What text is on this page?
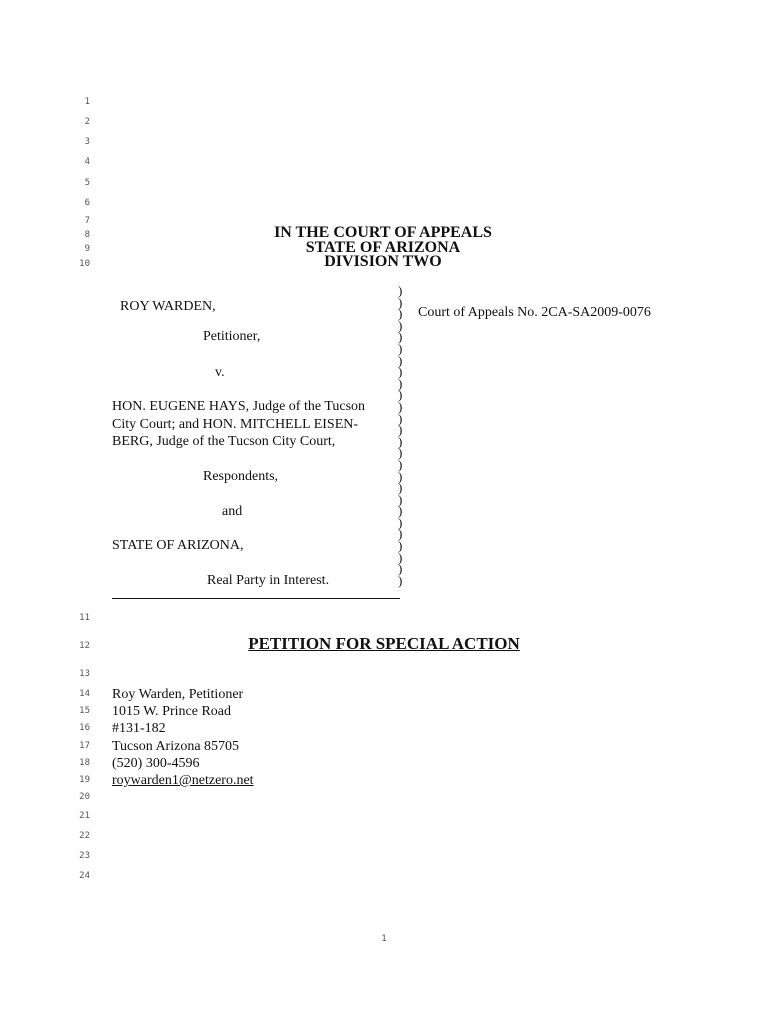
1
2
3
4
5
6
7
8
9
10
11
12
13
14
15
16
17
18
19
20
21
22
23
24
IN THE COURT OF APPEALS
STATE OF ARIZONA
DIVISION TWO
ROY WARDEN,
Petitioner,
v.
HON. EUGENE HAYS, Judge of the Tucson
City Court; and HON. MITCHELL EISEN-
BERG, Judge of the Tucson City Court,
Respondents,
and
STATE OF ARIZONA,
Real Party in Interest.
)
)
)
)
)
)
)
)
)
)
)
)
)
)
)
)
)
)
)
)
)
)
)
)
)
)
Court of Appeals No. 2CA-SA2009-0076
PETITION FOR SPECIAL ACTION
Roy Warden, Petitioner
1015 W. Prince Road
#131-182
Tucson Arizona 85705
(520) 300-4596
roywarden1@netzero.net
1
